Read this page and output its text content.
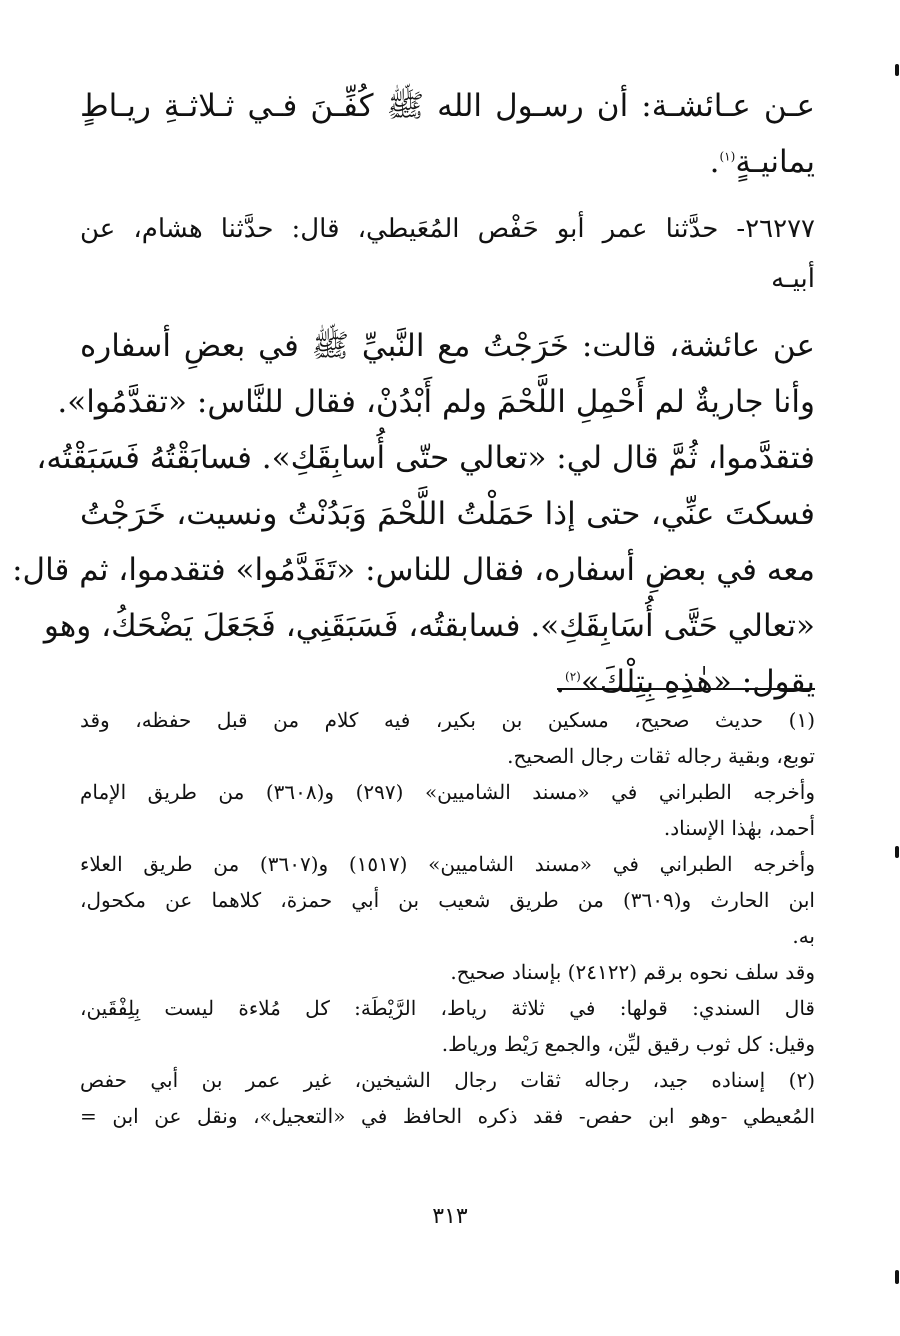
عـن عـائشـة: أن رسـول الله ﷺ كُفِّـنَ فـي ثـلاثـةِ ريـاطٍ
يمانيـةٍ$^{(١)}$.
٢٦٢٧٧- حدَّثنا عمر أبو حَفْص المُعَيطي، قال: حدَّثنا هشام، عن
أبيـه
عن عائشة، قالت: خَرَجْتُ مع النَّبيِّ ﷺ في بعضِ أسفاره
وأنا جاريةٌ لم أَحْمِلِ اللَّحْمَ ولم أَبْدُنْ، فقال للنَّاس: «تقدَّمُوا».
فتقدَّموا، ثُمَّ قال لي: «تعالي حتّى أُسابِقَكِ». فسابَقْتُهُ فَسَبَقْتُه،
فسكتَ عنِّي، حتى إذا حَمَلْتُ اللَّحْمَ وَبَدُنْتُ ونسيت، خَرَجْتُ
معه في بعضِ أسفاره، فقال للناس: «تَقَدَّمُوا» فتقدموا، ثم قال:
«تعالي حَتَّى أُسَابِقَكِ». فسابقتُه، فَسَبَقَنِي، فَجَعَلَ يَضْحَكُ، وهو
يقول: «هٰذِهِ بِتِلْكَ»$^{(٢)}$.
(١) حديث صحيح، مسكين بن بكير، فيه كلام من قبل حفظه، وقد
توبع، وبقية رجاله ثقات رجال الصحيح.
وأخرجه الطبراني في «مسند الشاميين» (٢٩٧) و(٣٦٠٨) من طريق الإمام
أحمد، بهٰذا الإسناد.
وأخرجه الطبراني في «مسند الشاميين» (١٥١٧) و(٣٦٠٧) من طريق العلاء
ابن الحارث و(٣٦٠٩) من طريق شعيب بن أبي حمزة، كلاهما عن مكحول،
به.
وقد سلف نحوه برقم (٢٤١٢٢) بإسناد صحيح.
قال السندي: قولها: في ثلاثة رياط، الرَّيْطَة: كل مُلاءة ليست بِلِفْقَين،
وقيل: كل ثوب رقيق ليِّن، والجمع رَيْط ورياط.
(٢) إسناده جيد، رجاله ثقات رجال الشيخين، غير عمر بن أبي حفص
المُعيطي -وهو ابن حفص- فقد ذكره الحافظ في «التعجيل»، ونقل عن ابن =
٣١٣
